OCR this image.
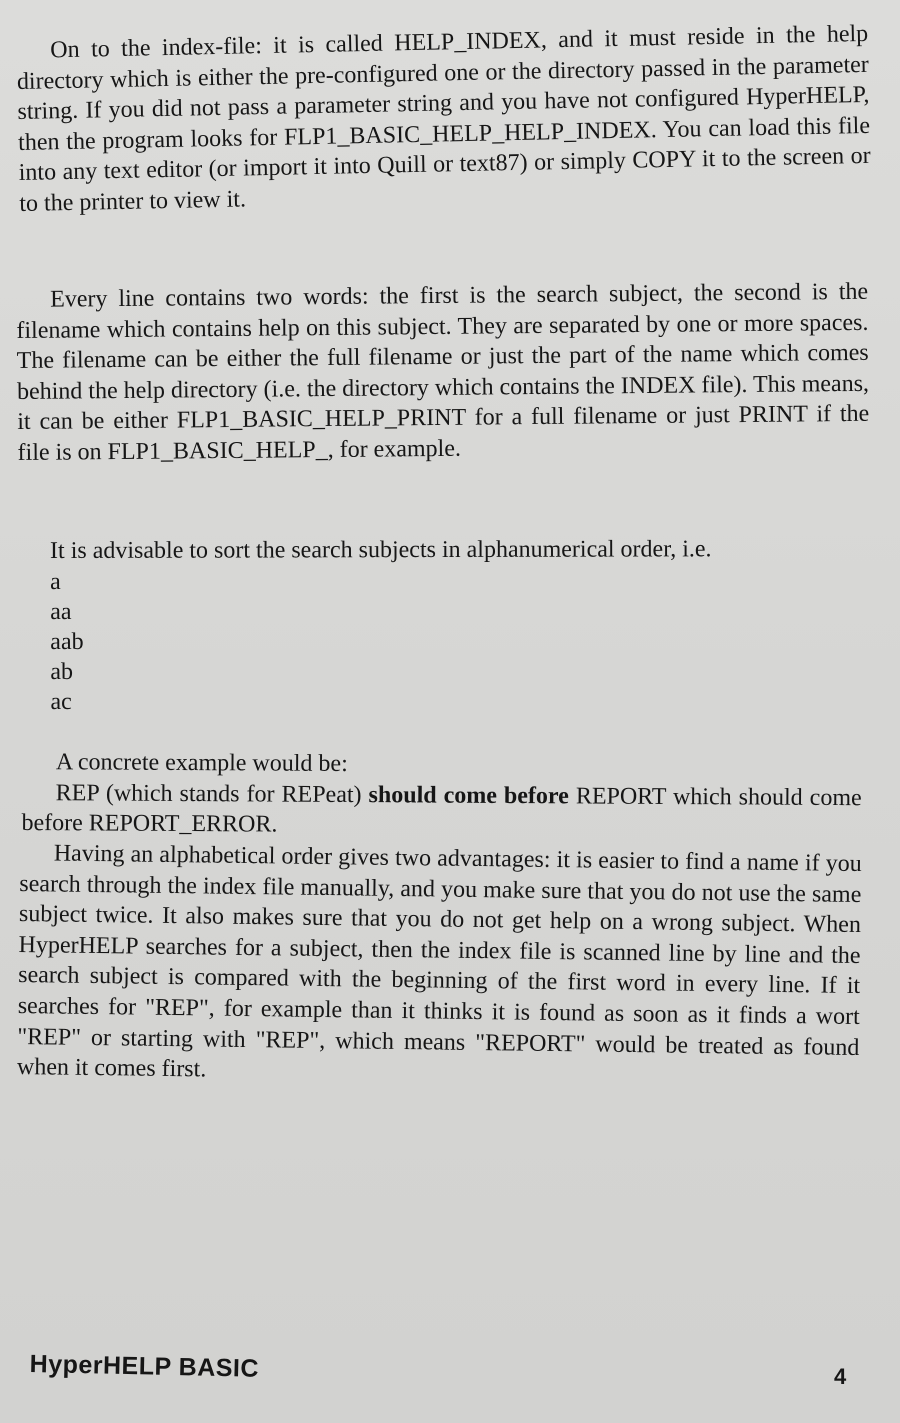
On to the index-file: it is called HELP_INDEX, and it must reside in the help directory which is either the pre-configured one or the directory passed in the parameter string. If you did not pass a parameter string and you have not configured HyperHELP, then the program looks for FLP1_BASIC_HELP_HELP_INDEX. You can load this file into any text editor (or import it into Quill or text87) or simply COPY it to the screen or to the printer to view it.
Every line contains two words: the first is the search subject, the second is the filename which contains help on this subject. They are separated by one or more spaces. The filename can be either the full filename or just the part of the name which comes behind the help directory (i.e. the directory which contains the INDEX file). This means, it can be either FLP1_BASIC_HELP_PRINT for a full filename or just PRINT if the file is on FLP1_BASIC_HELP_, for example.
It is advisable to sort the search subjects in alphanumerical order, i.e.
a
aa
aab
ab
ac
A concrete example would be:
REP (which stands for REPeat) should come before REPORT which should come before REPORT_ERROR.
Having an alphabetical order gives two advantages: it is easier to find a name if you search through the index file manually, and you make sure that you do not use the same subject twice. It also makes sure that you do not get help on a wrong subject. When HyperHELP searches for a subject, then the index file is scanned line by line and the search subject is compared with the beginning of the first word in every line. If it searches for "REP", for example than it thinks it is found as soon as it finds a wort "REP" or starting with "REP", which means "REPORT" would be treated as found when it comes first.
HyperHELP BASIC	4
